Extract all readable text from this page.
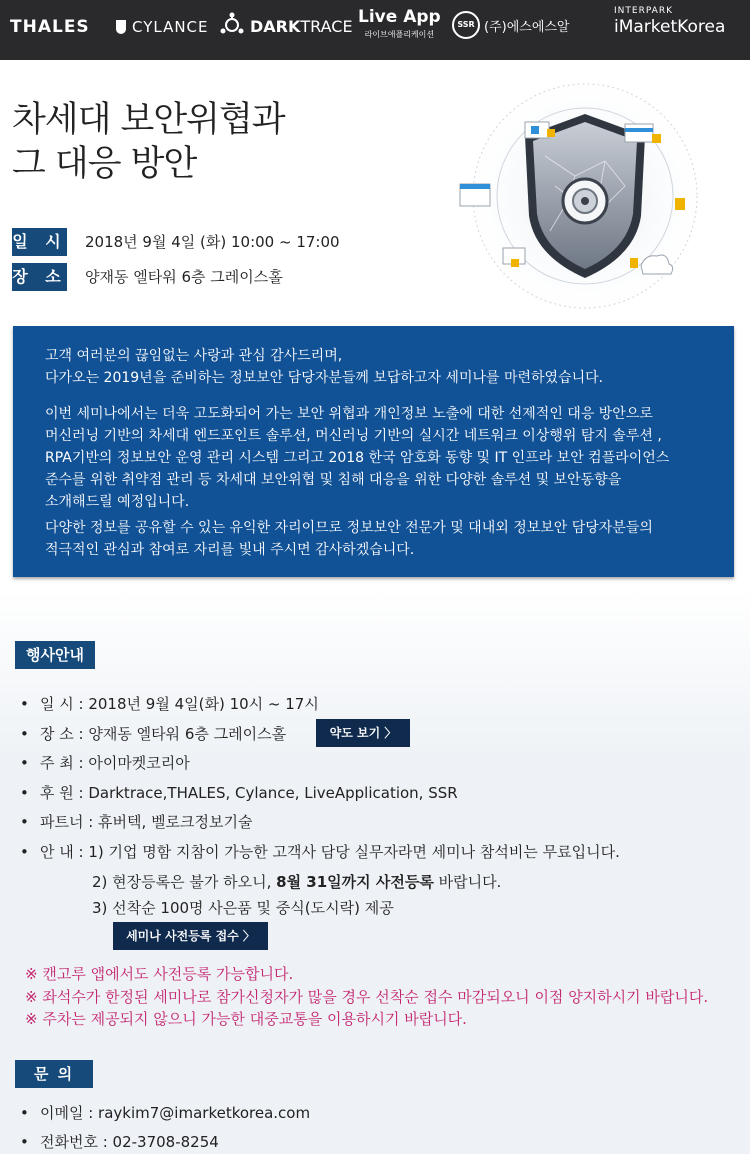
THALES	CYLANCE	DARKTRACE Live App
라이브애플리케이션
SSR (주)에스에스알
INTERPARK
iMarketKorea
차세대 보안위협과
그 대응 방안
일 시 2018년 9월 4일 (화) 10:00 ~ 17:00
장 소 양재동 엘타워 6층 그레이스홀

고객 여러분의 끊임없는 사랑과 관심 감사드리며,
다가오는 2019년을 준비하는 정보보안 담당자분들께 보답하고자 세미나를 마련하였습니다.

이번 세미나에서는 더욱 고도화되어 가는 보안 위협과 개인정보 노출에 대한 선제적인 대응 방안으로
머신러닝 기반의 차세대 엔드포인트 솔루션, 머신러닝 기반의 실시간 네트워크 이상행위 탐지 솔루션 ,
RPA기반의 정보보안 운영 관리 시스템 그리고 2018 한국 암호화 동향 및 IT 인프라 보안 컴플라이언스
준수를 위한 취약점 관리 등 차세대 보안위협 및 침해 대응을 위한 다양한 솔루션 및 보안동향을
소개해드릴 예정입니다.

다양한 정보를 공유할 수 있는 유익한 자리이므로 정보보안 전문가 및 대내외 정보보안 담당자분들의
적극적인 관심과 참여로 자리를 빛내 주시면 감사하겠습니다.

행사안내
• 일 시 : 2018년 9월 4일(화) 10시 ~ 17시
• 장 소 : 양재동 엘타워 6층 그레이스홀	약도 보기 〉
• 주 최 : 아이마켓코리아
• 후 원 : Darktrace,THALES, Cylance, LiveApplication, SSR
• 파트너 : 휴버텍, 벨로크정보기술
• 안 내 : 1) 기업 명함 지참이 가능한 고객사 담당 실무자라면 세미나 참석비는 무료입니다.
2) 현장등록은 불가 하오니, 8월 31일까지 사전등록 바랍니다.
3) 선착순 100명 사은품 및 중식(도시락) 제공
세미나 사전등록 접수 〉
※ 캔고루 앱에서도 사전등록 가능합니다.
※ 좌석수가 한정된 세미나로 참가신청자가 많을 경우 선착순 접수 마감되오니 이점 양지하시기 바랍니다.
※ 주차는 제공되지 않으니 가능한 대중교통을 이용하시기 바랍니다.
문 의
• 이메일 : raykim7@imarketkorea.com
• 전화번호 : 02-3708-8254
